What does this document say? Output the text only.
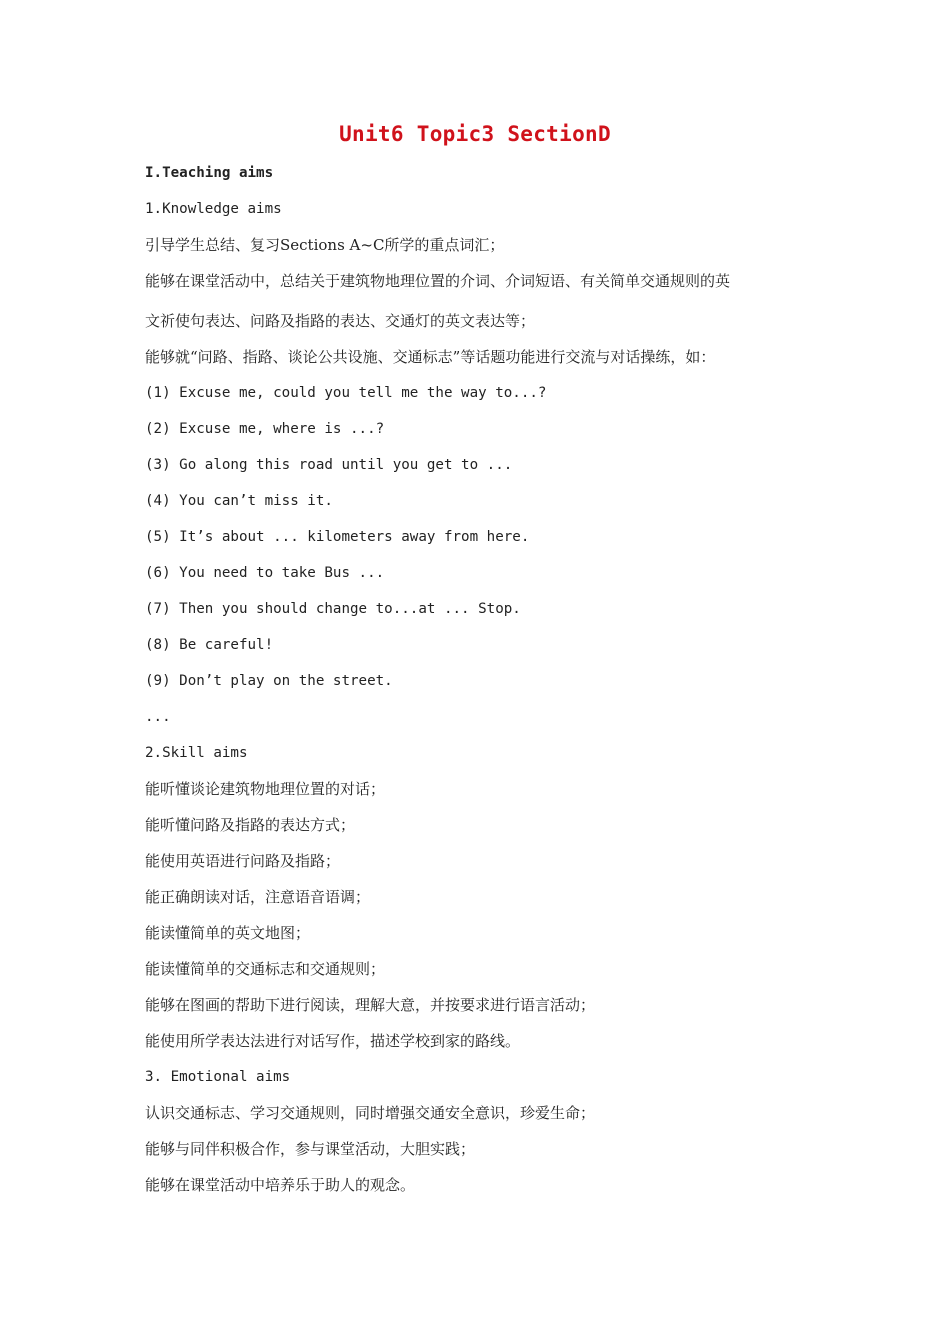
Unit6 Topic3 SectionD
I.Teaching aims
1.Knowledge aims
引导学生总结、复习Sections A~C所学的重点词汇；
能够在课堂活动中，总结关于建筑物地理位置的介词、介词短语、有关简单交通规则的英
文祈使句表达、问路及指路的表达、交通灯的英文表达等；
能够就“问路、指路、谈论公共设施、交通标志”等话题功能进行交流与对话操练，如：
(1) Excuse me, could you tell me the way to...?
(2) Excuse me, where is ...?
(3) Go along this road until you get to ...
(4) You can’t miss it.
(5) It’s about ... kilometers away from here.
(6) You need to take Bus ...
(7) Then you should change to...at ... Stop.
(8) Be careful!
(9) Don’t play on the street.
...
2.Skill aims
能听懂谈论建筑物地理位置的对话；
能听懂问路及指路的表达方式；
能使用英语进行问路及指路；
能正确朗读对话，注意语音语调；
能读懂简单的英文地图；
能读懂简单的交通标志和交通规则；
能够在图画的帮助下进行阅读，理解大意，并按要求进行语言活动；
能使用所学表达法进行对话写作，描述学校到家的路线。
3. Emotional aims
认识交通标志、学习交通规则，同时增强交通安全意识，珍爱生命；
能够与同伴积极合作，参与课堂活动，大胆实践；
能够在课堂活动中培养乐于助人的观念。
